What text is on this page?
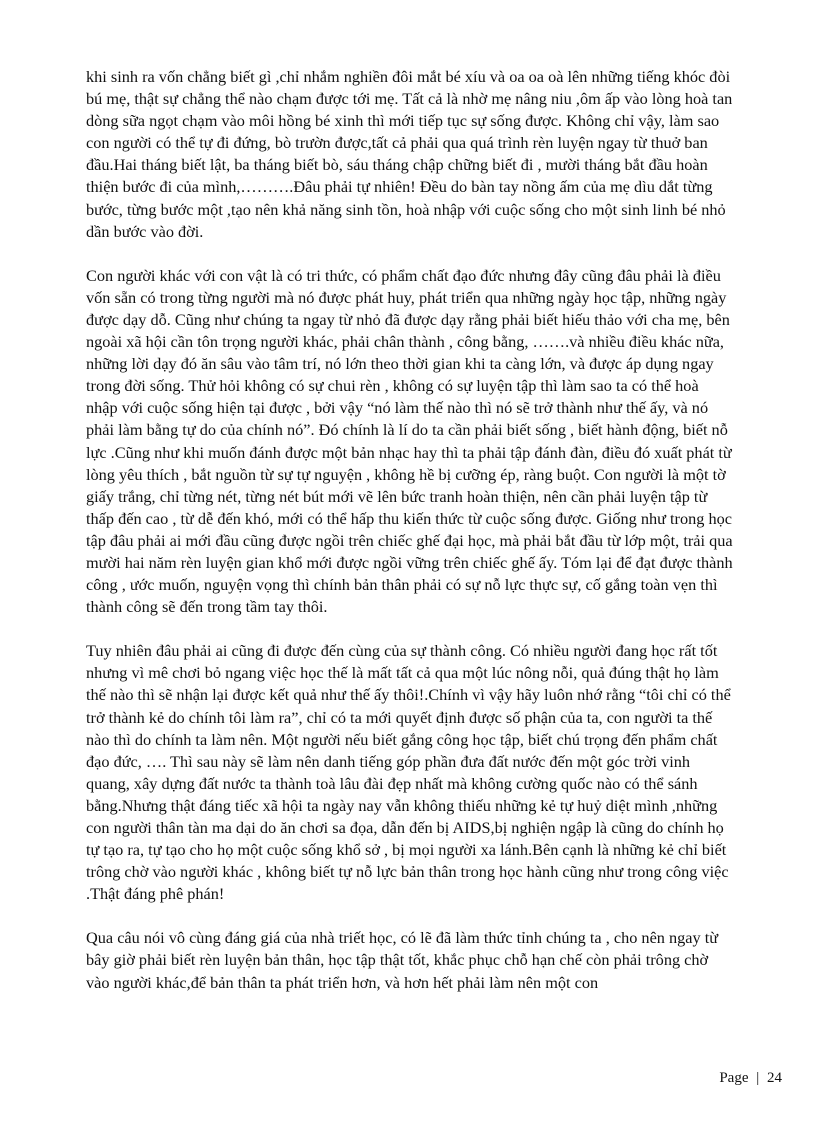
khi sinh ra vốn chẳng biết gì ,chỉ nhắm nghiền đôi mắt bé xíu và oa oa oà lên những tiếng khóc đòi bú mẹ, thật sự chẳng thể nào chạm được tới mẹ. Tất cả là nhờ mẹ nâng niu ,ôm ấp vào lòng hoà tan dòng sữa ngọt chạm vào môi hồng bé xinh thì mới tiếp tục sự sống được. Không chỉ vậy, làm sao con người có thể tự đi đứng, bò trườn được,tất cả phải qua quá trình rèn luyện ngay từ thuở ban đầu.Hai tháng biết lật, ba tháng biết bò, sáu tháng chập chững biết đi , mười tháng bắt đầu hoàn thiện bước đi của mình,……….Đâu phải tự nhiên! Đều do bàn tay nồng ấm của mẹ dìu dắt từng bước, từng bước một ,tạo nên khả năng sinh tồn, hoà nhập với cuộc sống cho một sinh linh bé nhỏ dần bước vào đời.

Con người khác với con vật là có tri thức, có phẩm chất đạo đức nhưng đây cũng đâu phải là điều vốn sẵn có trong từng người mà nó được phát huy, phát triển qua những ngày học tập, những ngày được dạy dỗ. Cũng như chúng ta ngay từ nhỏ đã được dạy rằng phải biết hiếu thảo với cha mẹ, bên ngoài xã hội cần tôn trọng người khác, phải chân thành , công bằng, …….và nhiều điều khác nữa, những lời dạy đó ăn sâu vào tâm trí, nó lớn theo thời gian khi ta càng lớn, và được áp dụng ngay trong đời sống. Thử hỏi không có sự chui rèn , không có sự luyện tập thì làm sao ta có thể hoà nhập với cuộc sống hiện tại được , bởi vậy “nó làm thế nào thì nó sẽ trở thành như thế ấy, và nó phải làm bằng tự do của chính nó”. Đó chính là lí do ta cần phải biết sống , biết hành động, biết nỗ lực .Cũng như khi muốn đánh được một bản nhạc hay thì ta phải tập đánh đàn, điều đó xuất phát từ lòng yêu thích , bắt nguồn từ sự tự nguyện , không hề bị cưỡng ép, ràng buột. Con người là một tờ giấy trắng, chỉ từng nét, từng nét bút mới vẽ lên bức tranh hoàn thiện, nên cần phải luyện tập từ thấp đến cao , từ dễ đến khó, mới có thể hấp thu kiến thức từ cuộc sống được. Giống như trong học tập đâu phải ai mới đầu cũng được ngồi trên chiếc ghế đại học, mà phải bắt đầu từ lớp một, trải qua mười hai năm rèn luyện gian khổ mới được ngồi vững trên chiếc ghế ấy. Tóm lại để đạt được thành công , ước muốn, nguyện vọng thì chính bản thân phải có sự nỗ lực thực sự, cố gắng toàn vẹn thì thành công sẽ đến trong tầm tay thôi.

Tuy nhiên đâu phải ai cũng đi được đến cùng của sự thành công. Có nhiều người đang học rất tốt nhưng vì mê chơi bỏ ngang việc học thế là mất tất cả qua một lúc nông nỗi, quả đúng thật họ làm thế nào thì sẽ nhận lại được kết quả như thế ấy thôi!.Chính vì vậy hãy luôn nhớ rằng “tôi chỉ có thể trở thành kẻ do chính tôi làm ra”, chỉ có ta mới quyết định được số phận của ta, con người ta thế nào thì do chính ta làm nên. Một người nếu biết gắng công học tập, biết chú trọng đến phẩm chất đạo đức, …. Thì sau này sẽ làm nên danh tiếng góp phần đưa đất nước đến một góc trời vinh quang, xây dựng đất nước ta thành toà lâu đài đẹp nhất mà không cường quốc nào có thể sánh bằng.Nhưng thật đáng tiếc xã hội ta ngày nay vẫn không thiếu những kẻ tự huỷ diệt mình ,những con người thân tàn ma dại do ăn chơi sa đọa, dẫn đến bị AIDS,bị nghiện ngập là cũng do chính họ tự tạo ra, tự tạo cho họ một cuộc sống khổ sở , bị mọi người xa lánh.Bên cạnh là những kẻ chỉ biết trông chờ vào người khác , không biết tự nỗ lực bản thân trong học hành cũng như trong công việc .Thật đáng phê phán!

Qua câu nói vô cùng đáng giá của nhà triết học, có lẽ đã làm thức tỉnh chúng ta , cho nên ngay từ bây giờ phải biết rèn luyện bản thân, học tập thật tốt, khắc phục chỗ hạn chế còn phải trông chờ vào người khác,để bản thân ta phát triển hơn, và hơn hết phải làm nên một con

Page | 24
